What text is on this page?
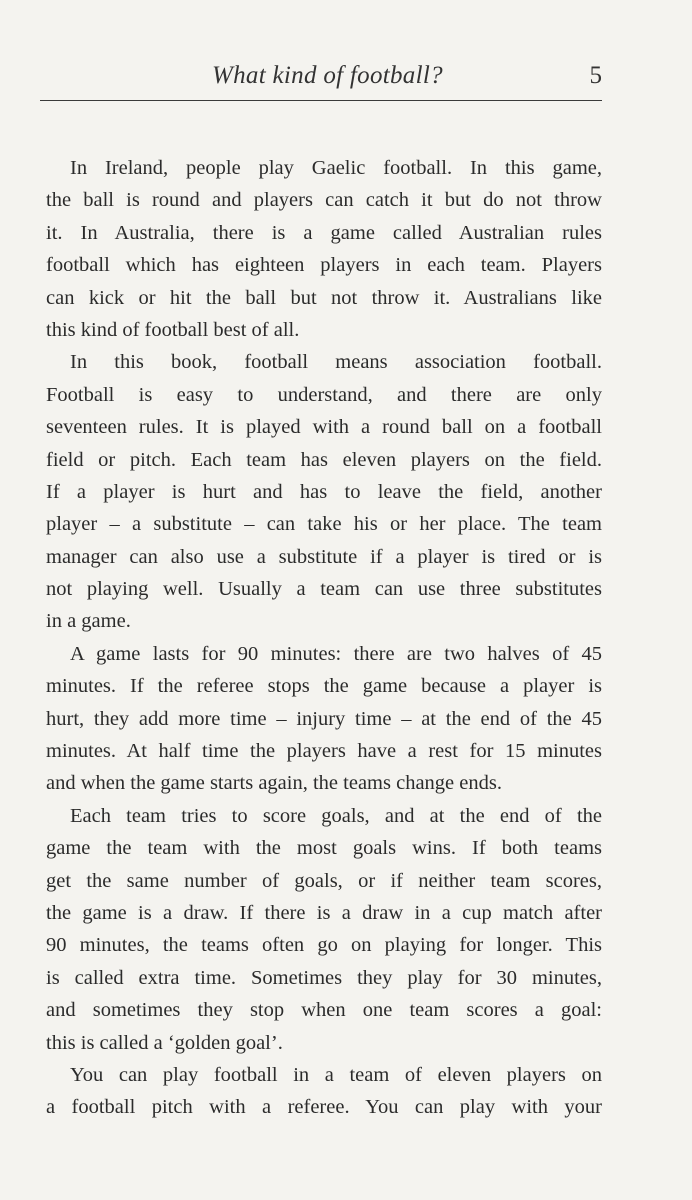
What kind of football?	5
In Ireland, people play Gaelic football. In this game,
the ball is round and players can catch it but do not throw
it. In Australia, there is a game called Australian rules
football which has eighteen players in each team. Players
can kick or hit the ball but not throw it. Australians like
this kind of football best of all.
In this book, football means association football.
Football is easy to understand, and there are only
seventeen rules. It is played with a round ball on a football
field or pitch. Each team has eleven players on the field.
If a player is hurt and has to leave the field, another
player – a substitute – can take his or her place. The team
manager can also use a substitute if a player is tired or is
not playing well. Usually a team can use three substitutes
in a game.
A game lasts for 90 minutes: there are two halves of 45
minutes. If the referee stops the game because a player is
hurt, they add more time – injury time – at the end of the 45
minutes. At half time the players have a rest for 15 minutes
and when the game starts again, the teams change ends.
Each team tries to score goals, and at the end of the
game the team with the most goals wins. If both teams
get the same number of goals, or if neither team scores,
the game is a draw. If there is a draw in a cup match after
90 minutes, the teams often go on playing for longer. This
is called extra time. Sometimes they play for 30 minutes,
and sometimes they stop when one team scores a goal:
this is called a ‘golden goal’.
You can play football in a team of eleven players on
a football pitch with a referee. You can play with your
